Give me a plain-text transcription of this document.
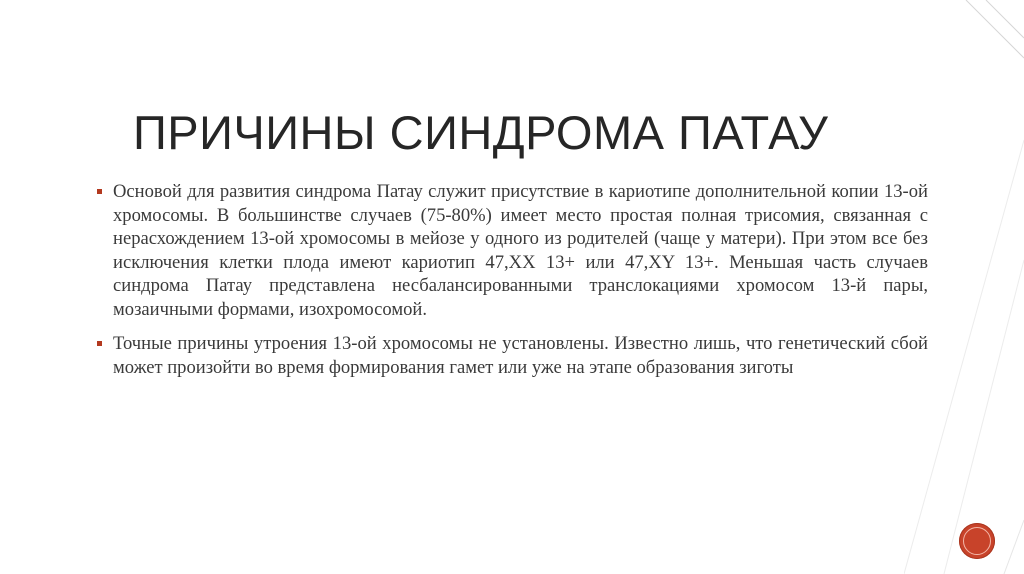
ПРИЧИНЫ СИНДРОМА ПАТАУ
Основой для развития синдрома Патау служит присутствие в кариотипе дополнительной копии 13-ой хромосомы. В большинстве случаев (75-80%) имеет место простая полная трисомия, связанная с нерасхождением 13-ой хромосомы в мейозе у одного из родителей (чаще у матери). При этом все без исключения клетки плода имеют кариотип 47,XX 13+ или 47,XY 13+. Меньшая часть случаев синдрома Патау представлена несбалансированными транслокациями хромосом 13-й пары, мозаичными формами, изохромосомой.
Точные причины утроения 13-ой хромосомы не установлены. Известно лишь, что генетический сбой может произойти во время формирования гамет или уже на этапе образования зиготы
